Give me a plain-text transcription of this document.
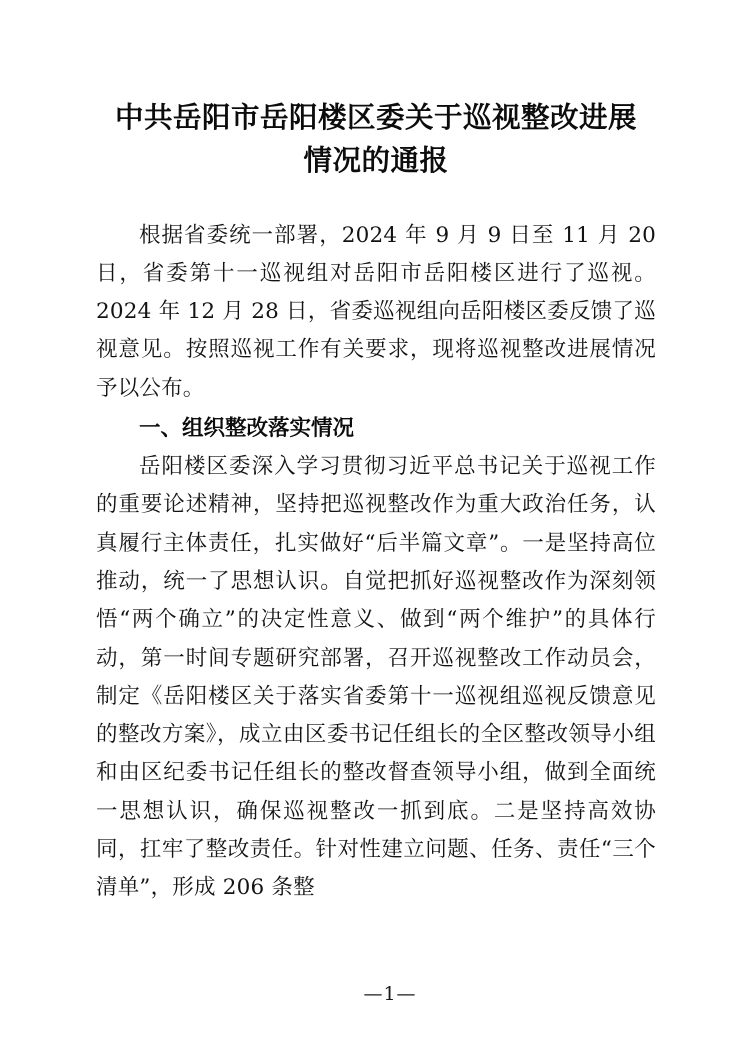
中共岳阳市岳阳楼区委关于巡视整改进展情况的通报

根据省委统一部署，2024 年 9 月 9 日至 11 月 20 日，省委第十一巡视组对岳阳市岳阳楼区进行了巡视。2024 年 12 月 28 日，省委巡视组向岳阳楼区委反馈了巡视意见。按照巡视工作有关要求，现将巡视整改进展情况予以公布。

一、组织整改落实情况

岳阳楼区委深入学习贯彻习近平总书记关于巡视工作的重要论述精神，坚持把巡视整改作为重大政治任务，认真履行主体责任，扎实做好“后半篇文章”。一是坚持高位推动，统一了思想认识。自觉把抓好巡视整改作为深刻领悟“两个确立”的决定性意义、做到“两个维护”的具体行动，第一时间专题研究部署，召开巡视整改工作动员会，制定《岳阳楼区关于落实省委第十一巡视组巡视反馈意见的整改方案》，成立由区委书记任组长的全区整改领导小组和由区纪委书记任组长的整改督查领导小组，做到全面统一思想认识，确保巡视整改一抓到底。二是坚持高效协同，扛牢了整改责任。针对性建立问题、任务、责任“三个清单”，形成 206 条整

—1—
